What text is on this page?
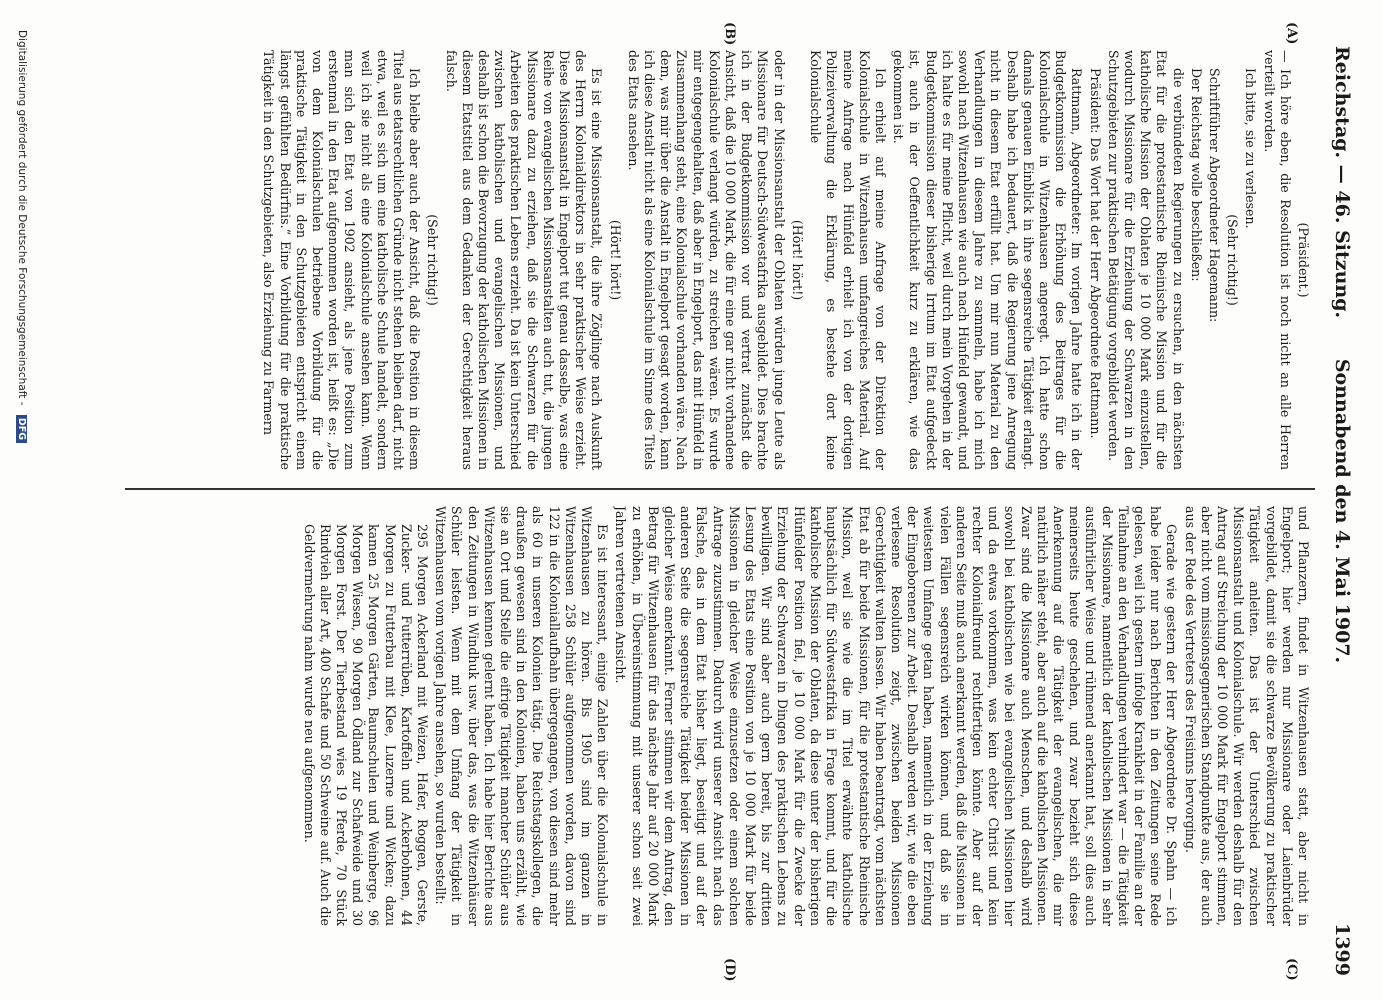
Reichstag. — 46. Sitzung.
Sonnabend den 4. Mai 1907.
1399
(A)
(B)
(C)
(D)

(Präsident.)

— Ich höre eben, die Resolution ist noch nicht an alle Herren verteilt worden.

Ich bitte, sie zu verlesen.

(Sehr richtig!)

Schriftführer Abgeordneter Hagemann:

Der Reichstag wolle beschließen:

die verbündeten Regierungen zu ersuchen, in den nächsten Etat für die protestantische Rheinische Mission und für die katholische Mission der Oblaten je 10 000 Mark einzustellen, wodurch Missionare für die Erziehung der Schwarzen in den Schutzgebieten zur praktischen Betätigung vorgebildet werden.

Präsident: Das Wort hat der Herr Abgeordnete Rattmann.

Rattmann, Abgeordneter: Im vorigen Jahre hatte ich in der Budgetkommission die Erhöhung des Beitrages für die Kolonialschule in Witzenhausen angeregt. Ich hatte schon damals genauen Einblick in ihre segensreiche Tätigkeit erlangt. Deshalb habe ich bedauert, daß die Regierung jene Anregung nicht in diesem Etat erfüllt hat. Um mir nun Material zu den Verhandlungen in diesem Jahre zu sammeln, habe ich mich sowohl nach Witzenhausen wie auch nach Hünfeld gewandt, und ich halte es für meine Pflicht, weil durch mein Vorgehen in der Budgetkommission dieser bisherige Irrtum im Etat aufgedeckt ist, auch in der Oeffentlichkeit kurz zu erklären, wie das gekommen ist.

Ich erhielt auf meine Anfrage von der Direktion der Kolonialschule in Witzenhausen umfangreiches Material. Auf meine Anfrage nach Hünfeld erhielt ich von der dortigen Polizeiverwaltung die Erklärung, es bestehe dort keine Kolonialschule

(Hört! hört!)

oder in der Missionsanstalt der Oblaten würden junge Leute als Missionare für Deutsch-Südwestafrika ausgebildet. Dies brachte ich in der Budgetkommission vor und vertrat zunächst die Ansicht, daß die 10 000 Mark, die für eine gar nicht vorhandene Kolonialschule verlangt würden, zu streichen wären. Es wurde mir entgegengehalten, daß aber in Engelport, das mit Hünfeld in Zusammenhang steht, eine Kolonialschule vorhanden wäre. Nach dem, was mir über die Anstalt in Engelport gesagt worden, kann ich diese Anstalt nicht als eine Kolonialschule im Sinne des Titels des Etats ansehen.

(Hört! hört!)

Es ist eine Missionsanstalt, die ihre Zöglinge nach Auskunft des Herrn Kolonialdirektors in sehr praktischer Weise erzieht. Diese Missionsanstalt in Engelport tut genau dasselbe, was eine Reihe von evangelischen Missionsanstalten auch tut, die jungen Missionare dazu zu erziehen, daß sie die Schwarzen für die Arbeiten des praktischen Lebens erzieht. Da ist kein Unterschied zwischen katholischen und evangelischen Missionen, und deshalb ist schon die Bevorzugung der katholischen Missionen in diesem Etatstitel aus dem Gedanken der Gerechtigkeit heraus falsch.

(Sehr richtig!)

Ich bleibe aber auch der Ansicht, daß die Position in diesem Titel aus etatsrechtlichen Gründe nicht stehen bleiben darf, nicht etwa, weil es sich um eine katholische Schule handelt, sondern weil ich sie nicht als eine Kolonialschule ansehen kann. Wenn man sich den Etat von 1902 ansieht, als jene Position zum erstenmal in den Etat aufgenommen worden ist, heißt es: „Die von dem Kolonialschulen betriebene Vorbildung für die praktische Tätigkeit in den Schutzgebieten entspricht einem längst gefühlten Bedürfnis.“ Eine Vorbildung für die praktische Tätigkeit in den Schutzgebieten, also Erziehung zu Farmern

und Pflanzern, findet in Witzenhausen statt, aber nicht in Engelport; hier werden nur Missionare oder Laienbrüder vorgebildet, damit sie die schwarze Bevölkerung zu praktischer Tätigkeit anleiten. Das ist der Unterschied zwischen Missionsanstalt und Kolonialschule. Wir werden deshalb für den Antrag auf Streichung der 10 000 Mark für Engelport stimmen, aber nicht vom missionsgegnerischen Standpunkte aus, der auch aus der Rede des Vertreters des Freisinns hervorging.

Gerade wie gestern der Herr Abgeordnete Dr. Spahn — ich habe leider nur nach Berichten in den Zeitungen seine Rede gelesen, weil ich gestern infolge Krankheit in der Familie an der Teilnahme an den Verhandlungen verhindert war — die Tätigkeit der Missionare, namentlich der katholischen Missionen in sehr ausführlicher Weise und rühmend anerkannt hat, soll dies auch meinerseits heute geschehen, und zwar bezieht sich diese Anerkennung auf die Tätigkeit der evangelischen, die mir natürlich näher steht, aber auch auf die katholischen Missionen. Zwar sind die Missionare auch Menschen, und deshalb wird sowohl bei katholischen wie bei evangelischen Missionen hier und da etwas vorkommen, was kein echter Christ und kein rechter Kolonialfreund rechtfertigen könnte. Aber auf der anderen Seite muß auch anerkannt werden, daß die Missionen in vielen Fällen segensreich wirken können, und daß sie in weitestem Umfange getan haben, namentlich in der Erziehung der Eingeborenen zur Arbeit. Deshalb werden wir, wie die eben verlesene Resolution zeigt, zwischen beiden Missionen Gerechtigkeit walten lassen. Wir haben beantragt, vom nächsten Etat ab für beide Missionen, für die protestantische Rheinische Mission, weil sie wie die im Titel erwähnte katholische hauptsächlich für Südwestafrika in Frage kommt, und für die katholische Mission der Oblaten, da diese unter der bisherigen Hünfelder Position fiel, je 10 000 Mark für die Zwecke der Erziehung der Schwarzen in Dingen des praktischen Lebens zu bewilligen. Wir sind aber auch gern bereit, bis zur dritten Lesung des Etats eine Position von je 10 000 Mark für beide Missionen in gleicher Weise einzusetzen oder einem solchen Antrage zuzustimmen. Dadurch wird unserer Ansicht nach das Falsche, das in dem Etat bisher liegt, beseitigt und auf der anderen Seite die segensreiche Tätigkeit beider Missionen in gleicher Weise anerkannt. Ferner stimmen wir dem Antrag, den Betrag für Witzenhausen für das nächste Jahr auf 20 000 Mark zu erhöhen, in Übereinstimmung mit unserer schon seit zwei Jahren vertretenen Ansicht.

Es ist interessant, einige Zahlen über die Kolonialschule in Witzenhausen zu hören. Bis 1905 sind im ganzen in Witzenhausen 258 Schüler aufgenommen worden, davon sind 122 in die Koloniallaufbahn übergegangen, von diesen sind mehr als 60 in unseren Kolonien tätig. Die Reichstagskollegen, die draußen gewesen sind in den Kolonien, haben uns erzählt, wie sie an Ort und Stelle die eifrige Tätigkeit mancher Schüler aus Witzenhausen kennen gelernt haben. Ich habe hier Berichte aus den Zeitungen in Windhuk usw. über das, was die Witzenhäuser Schüler leisten. Wenn mit dem Umfang der Tätigkeit in Witzenhausen vom vorigen Jahre ansehen, so wurden bestellt:

295 Morgen Ackerland mit Weizen, Hafer, Roggen, Gerste, Zucker- und Futterrüben, Kartoffeln und Ackerbohnen, 44 Morgen zu Futterbau mit Klee, Luzerne und Wicken; dazu kamen 25 Morgen Gärten, Baumschulen und Weinberge, 96 Morgen Wiesen, 90 Morgen Ödland zur Schafweide und 30 Morgen Forst. Der Tierbestand wies 19 Pferde, 70 Stück Rindvieh aller Art, 400 Schafe und 50 Schweine auf. Auch die Geldvermehrung nahm wurde neu aufgenommen.

Digitalisierung gefördert durch die Deutsche Forschungsgemeinschaft - DFG
